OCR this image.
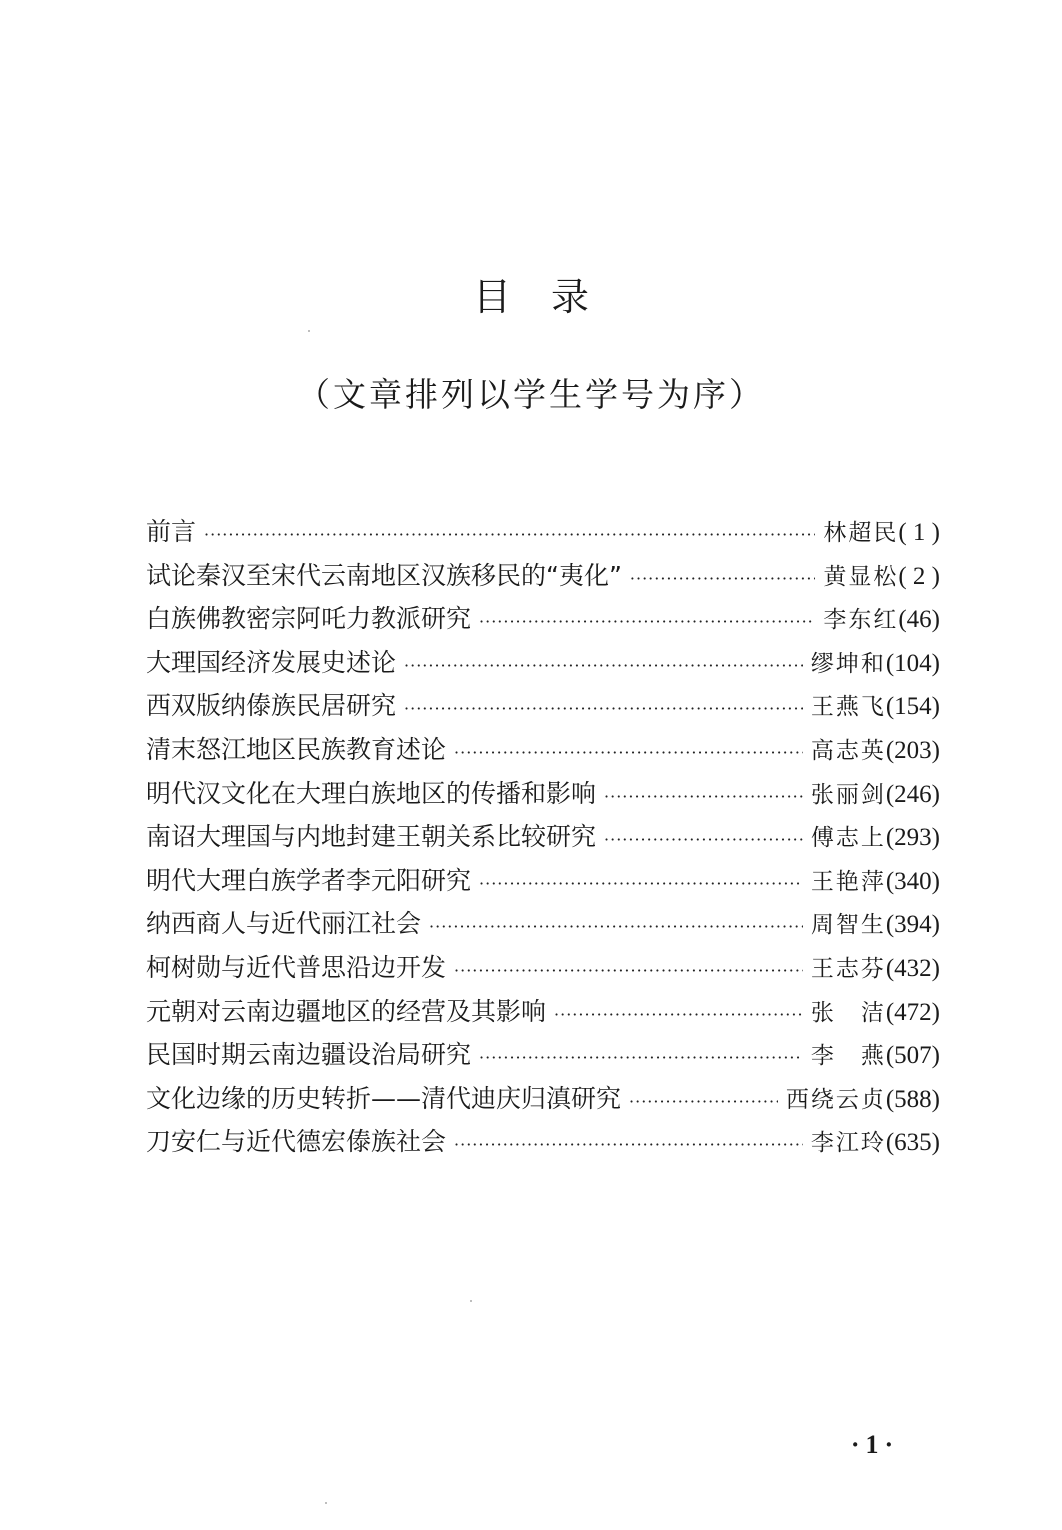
目录
（文章排列以学生学号为序）
前言 ·····	林超民 ( 1 )
试论秦汉至宋代云南地区汉族移民的“夷化” ·····	黄显松 ( 2 )
白族佛教密宗阿吒力教派研究 ·····	李东红 (46)
大理国经济发展史述论 ·····	缪坤和 (104)
西双版纳傣族民居研究 ·····	王燕飞 (154)
清末怒江地区民族教育述论 ·····	高志英 (203)
明代汉文化在大理白族地区的传播和影响 ·····	张丽剑 (246)
南诏大理国与内地封建王朝关系比较研究 ·····	傅志上 (293)
明代大理白族学者李元阳研究 ·····	王艳萍 (340)
纳西商人与近代丽江社会 ·····	周智生 (394)
柯树勋与近代普思沿边开发 ·····	王志芬 (432)
元朝对云南边疆地区的经营及其影响 ·····	张　洁 (472)
民国时期云南边疆设治局研究 ·····	李　燕 (507)
文化边缘的历史转折——清代迪庆归滇研究 ·····	西绕云贞 (588)
刀安仁与近代德宏傣族社会 ·····	李江玲 (635)
·1·
